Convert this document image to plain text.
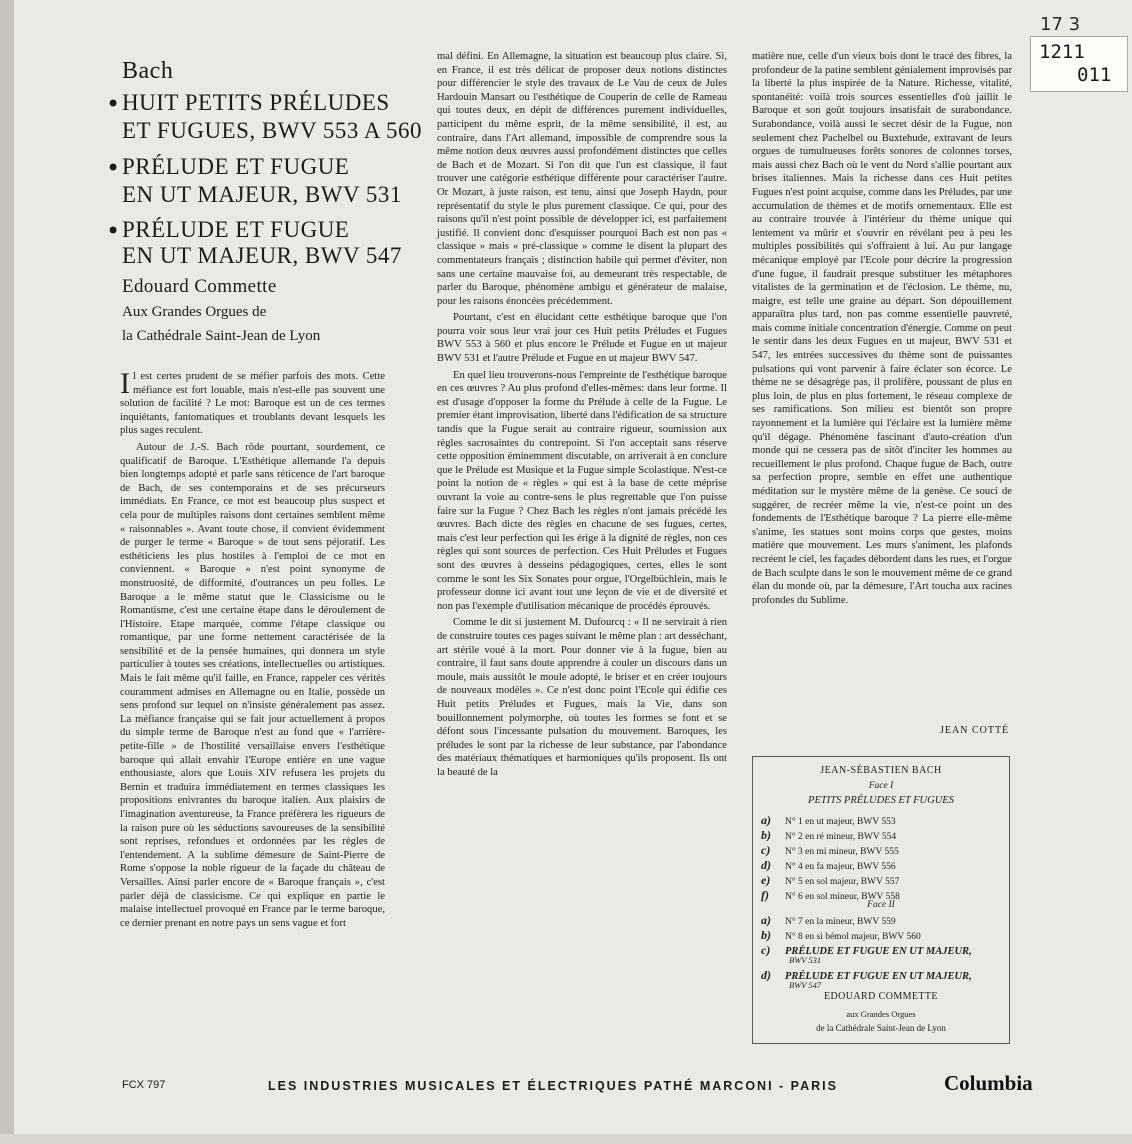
17 3
1211
011
Bach
• HUIT PETITS PRÉLUDES
ET FUGUES, BWV 553 A 560
• PRÉLUDE ET FUGUE
EN UT MAJEUR, BWV 531
• PRÉLUDE ET FUGUE
EN UT MAJEUR, BWV 547
Edouard Commette
Aux Grandes Orgues de
la Cathédrale Saint-Jean de Lyon

Il est certes prudent de se méfier parfois des mots. Cette méfiance est fort louable, mais n'est-elle pas souvent une solution de facilité ? Le mot: Baroque est un de ces termes inquiétants, fantomatiques et troublants devant lesquels les plus sages reculent.

Autour de J.-S. Bach rôde pourtant, sourdement, ce qualificatif de Baroque. L'Esthétique allemande l'a depuis bien longtemps adopté et parle sans réticence de l'art baroque de Bach, de ses contemporains et de ses précurseurs immédiats. En France, ce mot est beaucoup plus suspect et cela pour de multiples raisons dont certaines semblent même « raisonnables ». Avant toute chose, il convient évidemment de purger le terme « Baroque » de tout sens péjoratif. Les esthéticiens les plus hostiles à l'emploi de ce mot en conviennent. « Baroque » n'est point synonyme de monstruosité, de difformité, d'outrances un peu folles. Le Baroque a le même statut que le Classicisme ou le Romantisme, c'est une certaine étape dans le déroulement de l'Histoire. Etape marquée, comme l'étape classique ou romantique, par une forme nettement caractérisée de la sensibilité et de la pensée humaines, qui donnera un style particulier à toutes ses créations, intellectuelles ou artistiques. Mais le fait même qu'il faille, en France, rappeler ces vérités couramment admises en Allemagne ou en Italie, possède un sens profond sur lequel on n'insiste généralement pas assez. La méfiance française qui se fait jour actuellement à propos du simple terme de Baroque n'est au fond que « l'arrière-petite-fille » de l'hostilité versaillaise envers l'esthétique baroque qui allait envahir l'Europe entière en une vague enthousiaste, alors que Louis XIV refusera les projets du Bernin et traduira immédiatement en termes classiques les propositions enivrantes du baroque italien. Aux plaisirs de l'imagination aventureuse, la France préfèrera les rigueurs de la raison pure où les séductions savoureuses de la sensibilité sont reprises, refondues et ordonnées par les règles de l'entendement. A la sublime démesure de Saint-Pierre de Rome s'oppose la noble rigueur de la façade du château de Versailles. Ainsi parler encore de « Baroque français », c'est parler déjà de classicisme. Ce qui explique en partie le malaise intellectuel provoqué en France par le terme baroque, ce dernier prenant en notre pays un sens vague et fort

mal défini. En Allemagne, la situation est beaucoup plus claire. Si, en France, il est très délicat de proposer deux notions distinctes pour différencier le style des travaux de Le Vau de ceux de Jules Hardouin Mansart ou l'esthétique de Couperin de celle de Rameau qui toutes deux, en dépit de différences purement individuelles, participent du même esprit, de la même sensibilité, il est, au contraire, dans l'Art allemand, impossible de comprendre sous la même notion deux œuvres aussi profondément distinctes que celles de Bach et de Mozart. Si l'on dit que l'un est classique, il faut trouver une catégorie esthétique différente pour caractériser l'autre. Or Mozart, à juste raison, est tenu, ainsi que Joseph Haydn, pour représentatif du style le plus purement classique. Ce qui, pour des raisons qu'il n'est point possible de développer ici, est parfaitement justifié. Il convient donc d'esquisser pourquoi Bach est non pas « classique » mais « pré-classique » comme le disent la plupart des commentateurs français ; distinction habile qui permet d'éviter, non sans une certaine mauvaise foi, au demeurant très respectable, de parler du Baroque, phénomène ambigu et générateur de malaise, pour les raisons énoncées précédemment.

Pourtant, c'est en élucidant cette esthétique baroque que l'on pourra voir sous leur vrai jour ces Huit petits Préludes et Fugues BWV 553 à 560 et plus encore le Prélude et Fugue en ut majeur BWV 531 et l'autre Prélude et Fugue en ut majeur BWV 547.

En quel lieu trouverons-nous l'empreinte de l'esthétique baroque en ces œuvres ? Au plus profond d'elles-mêmes: dans leur forme. Il est d'usage d'opposer la forme du Prélude à celle de la Fugue. Le premier étant improvisation, liberté dans l'édification de sa structure tandis que la Fugue serait au contraire rigueur, soumission aux règles sacrosaintes du contrepoint. Si l'on acceptait sans réserve cette opposition éminemment discutable, on arriverait à en conclure que le Prélude est Musique et la Fugue simple Scolastique. N'est-ce point la notion de « règles » qui est à la base de cette méprise ouvrant la voie au contre-sens le plus regrettable que l'on puisse faire sur la Fugue ? Chez Bach les règles n'ont jamais précédé les œuvres. Bach dicte des règles en chacune de ses fugues, certes, mais c'est leur perfection qui les érige à la dignité de règles, non ces règles qui sont sources de perfection. Ces Huit Préludes et Fugues sont des œuvres à desseins pédagogiques, certes, elles le sont comme le sont les Six Sonates pour orgue, l'Orgelbüchlein, mais le professeur donne ici avant tout une leçon de vie et de diversité et non pas l'exemple d'utilisation mécanique de procédés éprouvés.

Comme le dit si justement M. Dufourcq : « Il ne servirait à rien de construire toutes ces pages suivant le même plan : art desséchant, art stérile voué à la mort. Pour donner vie à la fugue, bien au contraire, il faut sans doute apprendre à couler un discours dans un moule, mais aussitôt le moule adopté, le briser et en créer toujours de nouveaux modèles ». Ce n'est donc point l'Ecole qui édifie ces Huit petits Préludes et Fugues, mais la Vie, dans son bouillonnement polymorphe, où toutes les formes se font et se défont sous l'incessante pulsation du mouvement. Baroques, les préludes le sont par la richesse de leur substance, par l'abondance des matériaux thématiques et harmoniques qu'ils proposent. Ils ont la beauté de la

matière nue, celle d'un vieux bois dont le tracé des fibres, la profondeur de la patine semblent génialement improvisés par la liberté la plus inspirée de la Nature. Richesse, vitalité, spontanéité: voilà trois sources essentielles d'où jaillit le Baroque et son goût toujours insatisfait de surabondance. Surabondance, voilà aussi le secret désir de la Fugue, non seulement chez Pachelbel ou Buxtehude, extravant de leurs orgues de tumultueuses forêts sonores de colonnes torses, mais aussi chez Bach où le vent du Nord s'allie pourtant aux brises italiennes. Mais la richesse dans ces Huit petites Fugues n'est point acquise, comme dans les Préludes, par une accumulation de thèmes et de motifs ornementaux. Elle est au contraire trouvée à l'intérieur du thème unique qui lentement va mûrir et s'ouvrir en révélant peu à peu les multiples possibilités qui s'offraient à lui. Au pur langage mécanique employé par l'Ecole pour décrire la progression d'une fugue, il faudrait presque substituer les métaphores vitalistes de la germination et de l'éclosion. Le thème, nu, maigre, est telle une graine au départ. Son dépouillement apparaîtra plus tard, non pas comme essentielle pauvreté, mais comme initiale concentration d'énergie. Comme on peut le sentir dans les deux Fugues en ut majeur, BWV 531 et 547, les entrées successives du thème sont de puissantes pulsations qui vont parvenir à faire éclater son écorce. Le thème ne se désagrège pas, il prolifère, poussant de plus en plus loin, de plus en plus fortement, le réseau complexe de ses ramifications. Son milieu est bientôt son propre rayonnement et la lumière qui l'éclaire est la lumière même qu'il dégage. Phénomène fascinant d'auto-création d'un monde qui ne cessera pas de sitôt d'inciter les hommes au recueillement le plus profond. Chaque fugue de Bach, outre sa perfection propre, semble en effet une authentique méditation sur le mystère même de la genèse. Ce souci de suggérer, de recréer même la vie, n'est-ce point un des fondements de l'Esthétique baroque ? La pierre elle-même s'anime, les statues sont moins corps que gestes, moins matière que mouvement. Les murs s'animent, les plafonds recréent le ciel, les façades débordent dans les rues, et l'orgue de Bach sculpte dans le son le mouvement même de ce grand élan du monde où, par la démesure, l'Art toucha aux racines profondes du Sublime.

JEAN COTTÉ
JEAN-SÉBASTIEN BACH
Face I
PETITS PRÉLUDES ET FUGUES
a) N° 1 en ut majeur, BWV 553
b) N° 2 en ré mineur, BWV 554
c) N° 3 en mi mineur, BWV 555
d) N° 4 en fa majeur, BWV 556
e) N° 5 en sol majeur, BWV 557
f) N° 6 en sol mineur, BWV 558
Face II
a) N° 7 en la mineur, BWV 559
b) N° 8 en si bémol majeur, BWV 560
c) PRÉLUDE ET FUGUE EN UT MAJEUR,
BWV 531
d) PRÉLUDE ET FUGUE EN UT MAJEUR,
BWV 547
EDOUARD COMMETTE
aux Grandes Orgues
de la Cathédrale Saint-Jean de Lyon
FCX 797	LES INDUSTRIES MUSICALES ET ÉLECTRIQUES PATHÉ MARCONI - PARIS	Columbia
